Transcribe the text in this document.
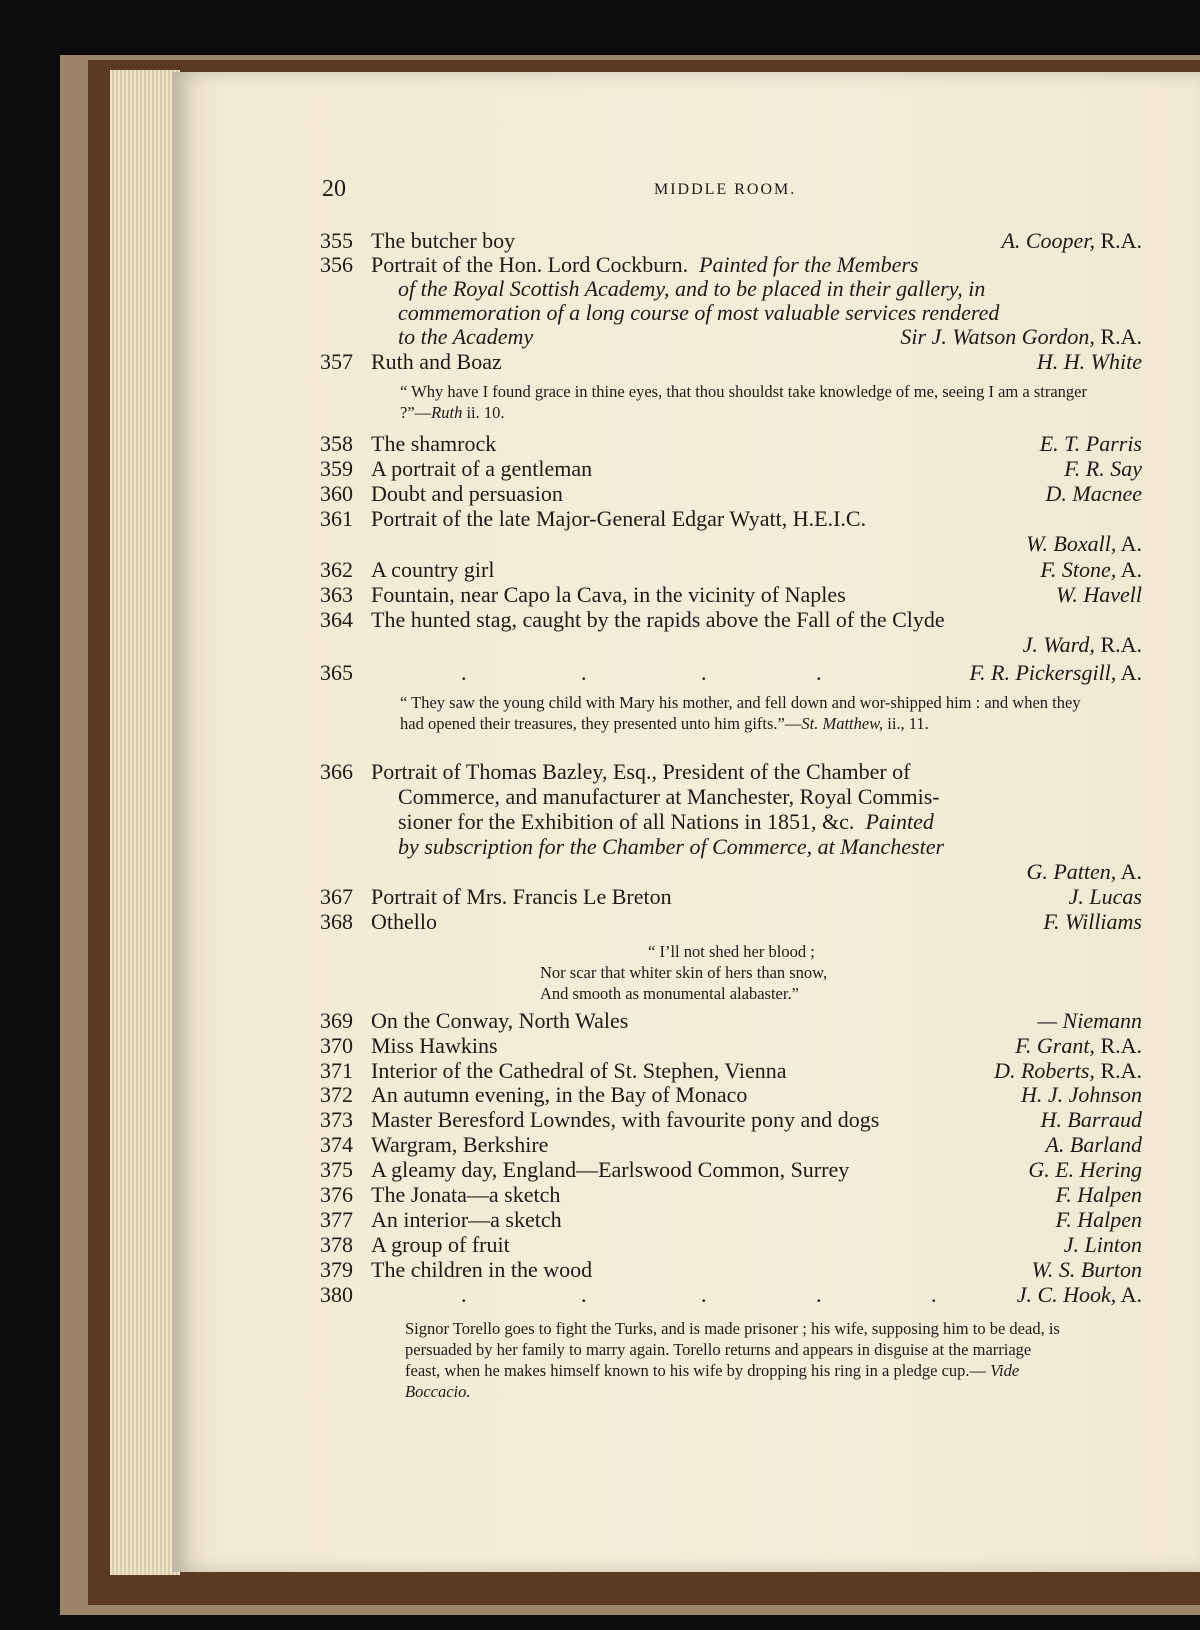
20	MIDDLE ROOM.
355 The butcher boy	A. Cooper, R.A.
356 Portrait of the Hon. Lord Cockburn. Painted for the Members
of the Royal Scottish Academy, and to be placed in their gallery, in
commemoration of a long course of most valuable services rendered
to the Academy	Sir J. Watson Gordon, R.A.
357 Ruth and Boaz	H. H. White
“ Why have I found grace in thine eyes, that thou shouldst take knowledge of me, seeing I am a stranger ?”—Ruth ii. 10.
358 The shamrock	E. T. Parris
359 A portrait of a gentleman	F. R. Say
360 Doubt and persuasion	D. Macnee
361 Portrait of the late Major-General Edgar Wyatt, H.E.I.C.
W. Boxall, A.
362 A country girl	F. Stone, A.
363 Fountain, near Capo la Cava, in the vicinity of Naples	W. Havell
364 The hunted stag, caught by the rapids above the Fall of the Clyde
J. Ward, R.A.
365	.	.	.	.	F. R. Pickersgill, A.
“ They saw the young child with Mary his mother, and fell down and wor-shipped him : and when they had opened their treasures, they presented unto him gifts.”—St. Matthew, ii., 11.
366 Portrait of Thomas Bazley, Esq., President of the Chamber of
Commerce, and manufacturer at Manchester, Royal Commis-
sioner for the Exhibition of all Nations in 1851, &c. Painted
by subscription for the Chamber of Commerce, at Manchester
G. Patten, A.
367 Portrait of Mrs. Francis Le Breton	J. Lucas
368 Othello	F. Williams
“ I’ll not shed her blood ;
Nor scar that whiter skin of hers than snow,
And smooth as monumental alabaster.”
369 On the Conway, North Wales	— Niemann
370 Miss Hawkins	F. Grant, R.A.
371 Interior of the Cathedral of St. Stephen, Vienna	D. Roberts, R.A.
372 An autumn evening, in the Bay of Monaco	H. J. Johnson
373 Master Beresford Lowndes, with favourite pony and dogs	H. Barraud
374 Wargram, Berkshire	A. Barland
375 A gleamy day, England—Earlswood Common, Surrey	G. E. Hering
376 The Jonata—a sketch	F. Halpen
377 An interior—a sketch	F. Halpen
378 A group of fruit	J. Linton
379 The children in the wood	W. S. Burton
380	.	.	.	.	.	J. C. Hook, A.
Signor Torello goes to fight the Turks, and is made prisoner ; his wife, supposing him to be dead, is persuaded by her family to marry again. Torello returns and appears in disguise at the marriage feast, when he makes himself known to his wife by dropping his ring in a pledge cup.— Vide Boccacio.
